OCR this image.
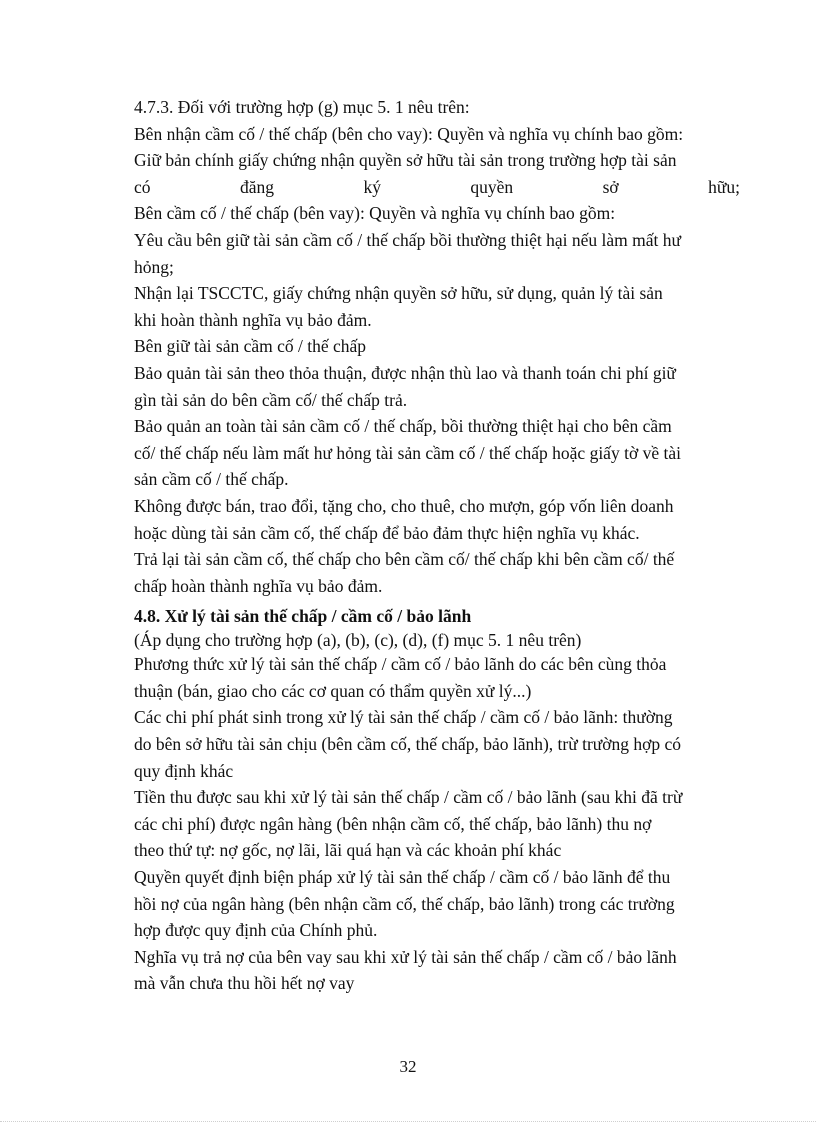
4.7.3. Đối với trường hợp (g) mục 5. 1 nêu trên:

Bên nhận cầm cố / thế chấp (bên cho vay): Quyền và nghĩa vụ chính bao gồm:

Giữ bản chính giấy chứng nhận quyền sở hữu tài sản trong trường hợp tài sản

có	đăng	ký	quyền	sở	hữu;

Bên cầm cố / thế chấp (bên vay): Quyền và nghĩa vụ chính bao gồm:

Yêu cầu bên giữ tài sản cầm cố / thế chấp bồi thường thiệt hại nếu làm mất hư

hỏng;

Nhận lại TSCCTC, giấy chứng nhận quyền sở hữu, sử dụng, quản lý tài sản

khi hoàn thành nghĩa vụ bảo đảm.

Bên giữ tài sản cầm cố / thế chấp

Bảo quản tài sản theo thỏa thuận, được nhận thù lao và thanh toán chi phí giữ

gìn tài sản do bên cầm cố/ thế chấp trả.

Bảo quản an toàn tài sản cầm cố / thế chấp, bồi thường thiệt hại cho bên cầm

cố/ thế chấp nếu làm mất hư hỏng tài sản cầm cố / thế chấp hoặc giấy tờ về tài

sản cầm cố / thế chấp.

Không được bán, trao đổi, tặng cho, cho thuê, cho mượn, góp vốn liên doanh

hoặc dùng tài sản cầm cố, thế chấp để bảo đảm thực hiện nghĩa vụ khác.

Trả lại tài sản cầm cố, thế chấp cho bên cầm cố/ thế chấp khi bên cầm cố/ thế

chấp hoàn thành nghĩa vụ bảo đảm.

4.8. Xử lý tài sản thế chấp / cầm cố / bảo lãnh

(Áp dụng cho trường hợp (a), (b), (c), (d), (f) mục 5. 1 nêu trên)

Phương thức xử lý tài sản thế chấp / cầm cố / bảo lãnh do các bên cùng thỏa

thuận (bán, giao cho các cơ quan có thẩm quyền xử lý...)

Các chi phí phát sinh trong xử lý tài sản thế chấp / cầm cố / bảo lãnh: thường

do bên sở hữu tài sản chịu (bên cầm cố, thế chấp, bảo lãnh), trừ trường hợp có

quy định khác

Tiền thu được sau khi xử lý tài sản thế chấp / cầm cố / bảo lãnh (sau khi đã trừ

các chi phí) được ngân hàng (bên nhận cầm cố, thế chấp, bảo lãnh) thu nợ

theo thứ tự: nợ gốc, nợ lãi, lãi quá hạn và các khoản phí khác

Quyền quyết định biện pháp xử lý tài sản thế chấp / cầm cố / bảo lãnh để thu

hồi nợ của ngân hàng (bên nhận cầm cố, thế chấp, bảo lãnh) trong các trường

hợp được quy định của Chính phủ.

Nghĩa vụ trả nợ của bên vay sau khi xử lý tài sản thế chấp / cầm cố / bảo lãnh

mà vẫn chưa thu hồi hết nợ vay

32
